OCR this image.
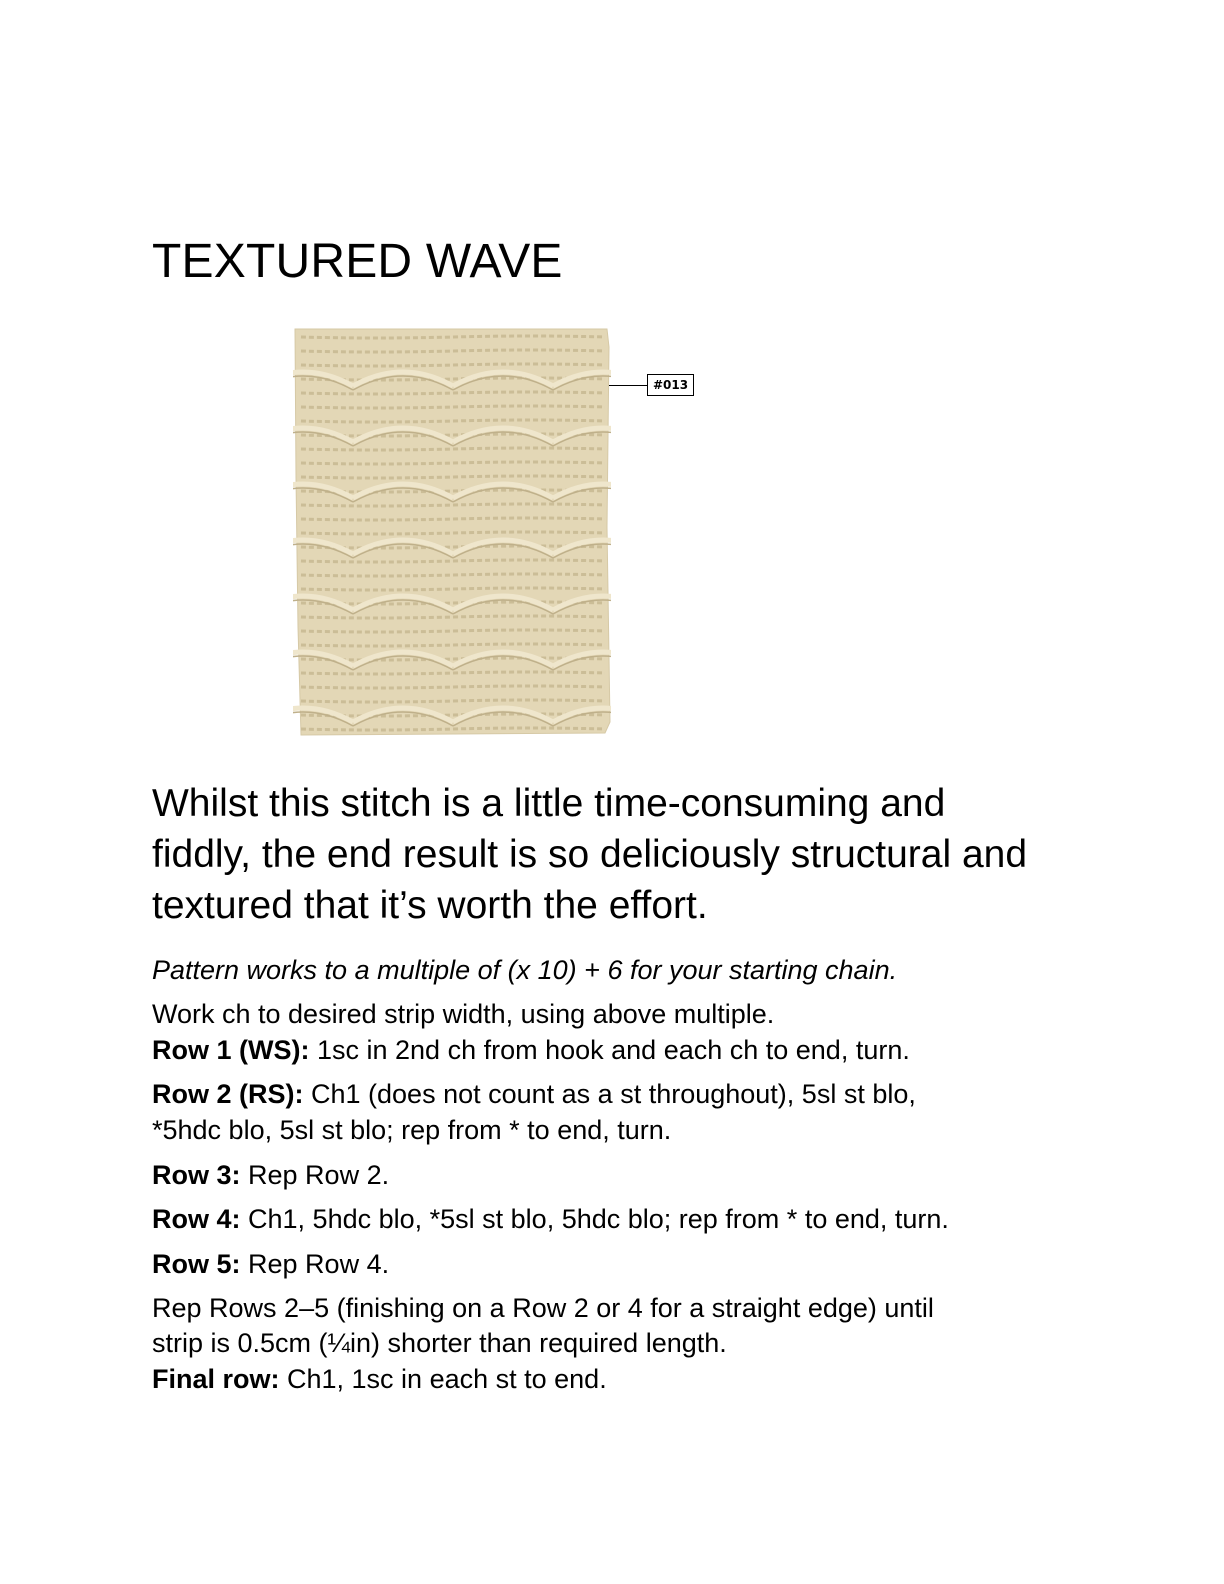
TEXTURED WAVE
#013

Whilst this stitch is a little time-consuming and fiddly, the end result is so deliciously structural and textured that it’s worth the effort.

Pattern works to a multiple of (x 10) + 6 for your starting chain.

Work ch to desired strip width, using above multiple.

Row 1 (WS): 1sc in 2nd ch from hook and each ch to end, turn.

Row 2 (RS): Ch1 (does not count as a st throughout), 5sl st blo,

*5hdc blo, 5sl st blo; rep from * to end, turn.

Row 3: Rep Row 2.

Row 4: Ch1, 5hdc blo, *5sl st blo, 5hdc blo; rep from * to end, turn.

Row 5: Rep Row 4.

Rep Rows 2–5 (finishing on a Row 2 or 4 for a straight edge) until

strip is 0.5cm (¼in) shorter than required length.

Final row: Ch1, 1sc in each st to end.
